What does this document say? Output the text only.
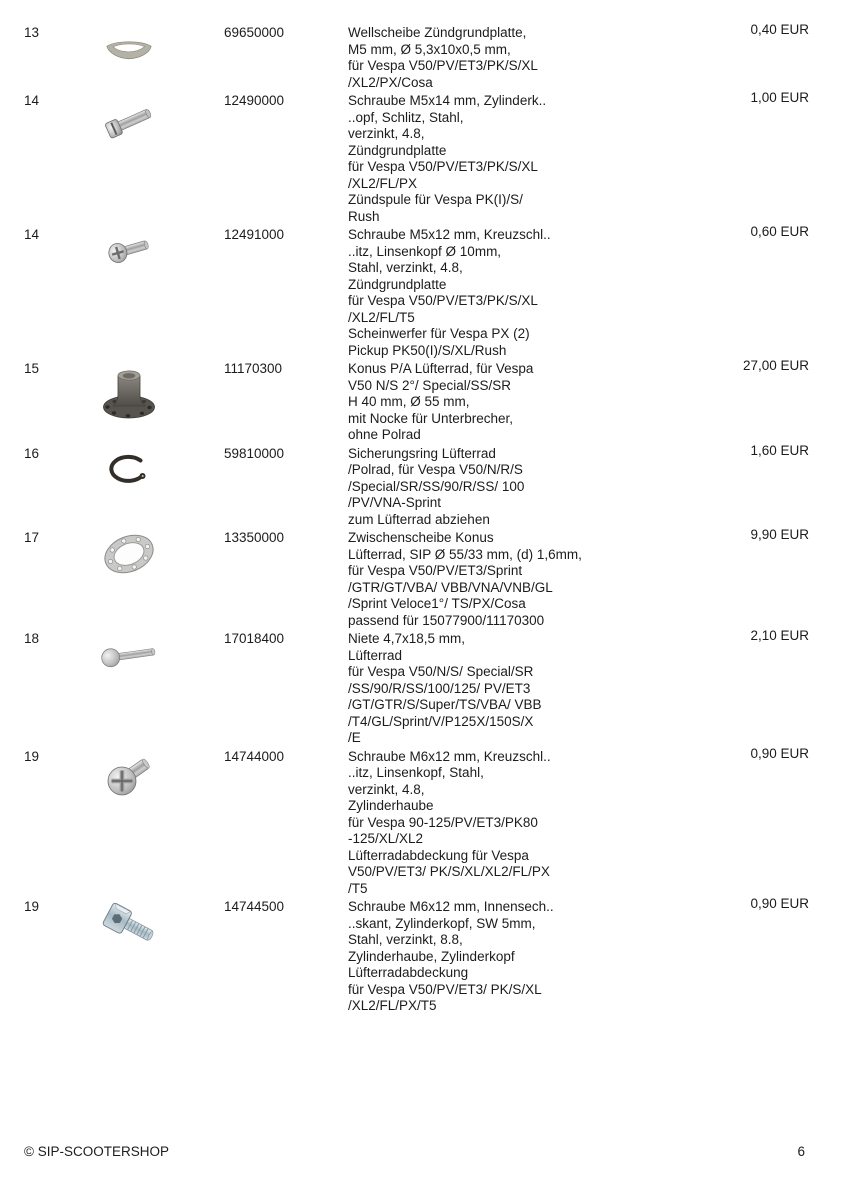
13	69650000	Wellscheibe Zündgrundplatte,
M5 mm, Ø 5,3x10x0,5 mm,
für Vespa V50/PV/ET3/PK/S/XL
/XL2/PX/Cosa
0,40 EUR
14	12490000	Schraube M5x14 mm, Zylinderk..
..opf, Schlitz, Stahl,
verzinkt, 4.8,
Zündgrundplatte
für Vespa V50/PV/ET3/PK/S/XL
/XL2/FL/PX
Zündspule für Vespa PK(I)/S/
Rush
1,00 EUR
14	12491000	Schraube M5x12 mm, Kreuzschl..
..itz, Linsenkopf Ø 10mm,
Stahl, verzinkt, 4.8,
Zündgrundplatte
für Vespa V50/PV/ET3/PK/S/XL
/XL2/FL/T5
Scheinwerfer für Vespa PX (2)
Pickup PK50(I)/S/XL/Rush
0,60 EUR
15	11170300	Konus P/A Lüfterrad, für Vespa
V50 N/S 2°/ Special/SS/SR
H 40 mm, Ø 55 mm,
mit Nocke für Unterbrecher,
ohne Polrad
27,00 EUR
16	59810000	Sicherungsring Lüfterrad
/Polrad, für Vespa V50/N/R/S
/Special/SR/SS/90/R/SS/ 100
/PV/VNA-Sprint
zum Lüfterrad abziehen
1,60 EUR
17	13350000	Zwischenscheibe Konus
Lüfterrad, SIP Ø 55/33 mm, (d) 1,6mm,
für Vespa V50/PV/ET3/Sprint
/GTR/GT/VBA/ VBB/VNA/VNB/GL
/Sprint Veloce1°/ TS/PX/Cosa
passend für 15077900/11170300
9,90 EUR
18	17018400	Niete 4,7x18,5 mm,
Lüfterrad
für Vespa V50/N/S/ Special/SR
/SS/90/R/SS/100/125/ PV/ET3
/GT/GTR/S/Super/TS/VBA/ VBB
/T4/GL/Sprint/V/P125X/150S/X
/E
2,10 EUR
19	14744000	Schraube M6x12 mm, Kreuzschl..
..itz, Linsenkopf, Stahl,
verzinkt, 4.8,
Zylinderhaube
für Vespa 90-125/PV/ET3/PK80
-125/XL/XL2
Lüfterradabdeckung für Vespa
V50/PV/ET3/ PK/S/XL/XL2/FL/PX
/T5
0,90 EUR
19	14744500	Schraube M6x12 mm, Innensech..
..skant, Zylinderkopf, SW 5mm,
Stahl, verzinkt, 8.8,
Zylinderhaube, Zylinderkopf
Lüfterradabdeckung
für Vespa V50/PV/ET3/ PK/S/XL
/XL2/FL/PX/T5
0,90 EUR
© SIP-SCOOTERSHOP	6
